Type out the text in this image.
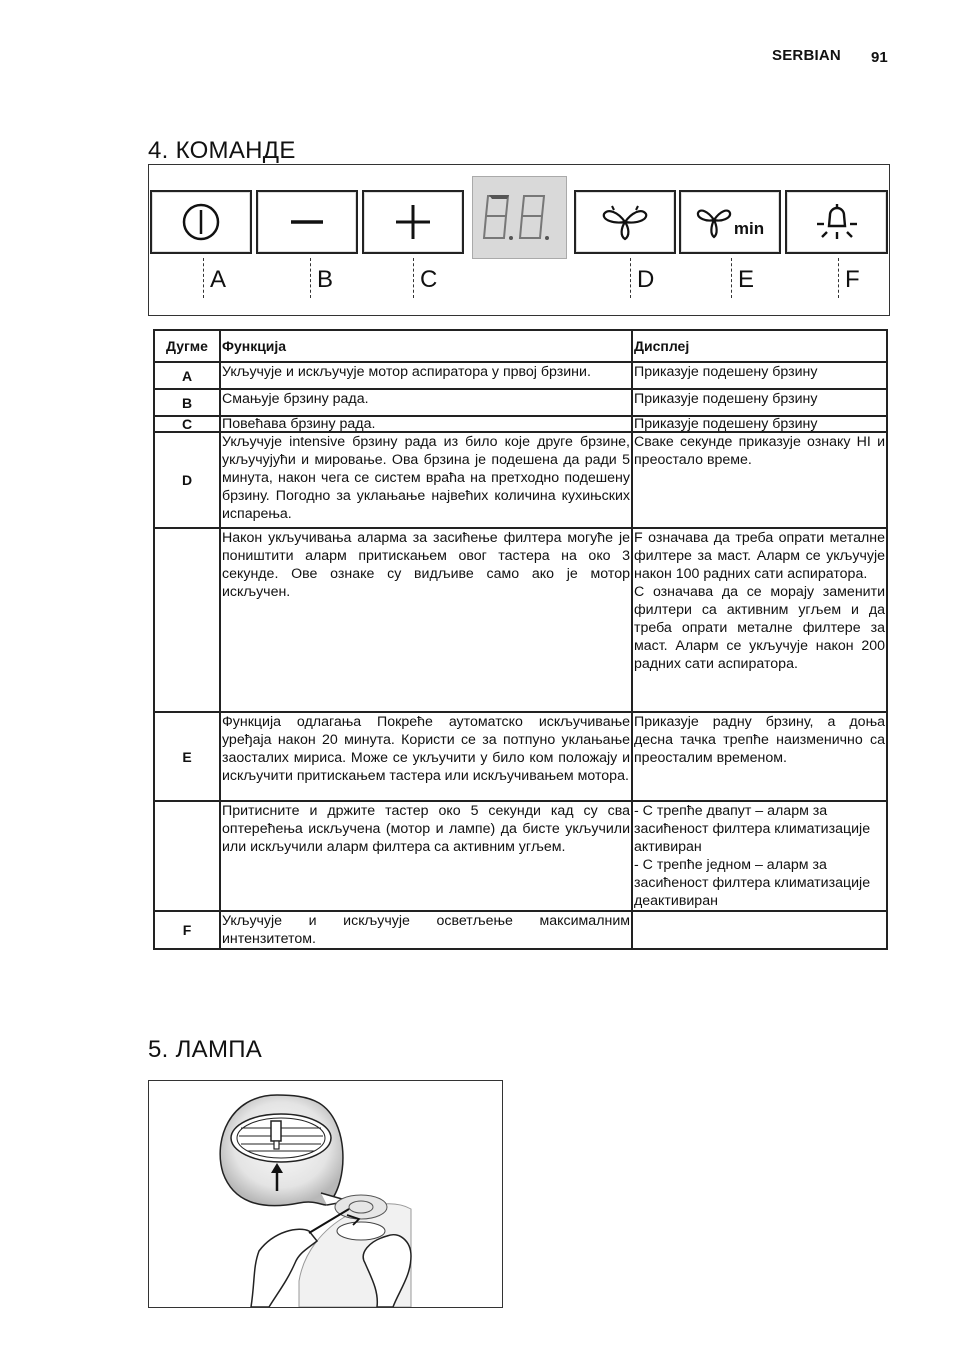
SERBIAN 91
4. КОМАНДЕ
8.8.
min
A	B	C	D	E	F
Дугме	Функција	Дисплеј
A	Укључује и искључује мотор аспиратора у првој брзини.	Приказује подешену брзину
B	Смањује брзину рада.	Приказује подешену брзину
C	Повећава брзину рада.	Приказује подешену брзину
D	Укључује intensive брзину рада из било које друге брзине, укључујући и мировање. Ова брзина је подешена да ради 5 минута, након чега се систем враћа на претходно подешену брзину. Погодно за уклањање највећих количина кухињских испарења.	Сваке секунде приказује ознаку HI и преостало време.
	Након укључивања аларма за засићење филтера могуће је поништити аларм притискањем овог тастера на око 3 секунде. Ове ознаке су видљиве само ако је мотор искључен.	F означава да треба опрати металне филтере за маст. Аларм се укључује након 100 радних сати аспиратора.
C означава да се морају заменити филтери са активним угљем и да треба опрати металне филтере за маст. Аларм се укључује након 200 радних сати аспиратора.
E	Функција одлагања Покреће аутоматско искључивање уређаја након 20 минута. Користи се за потпуно уклањање заосталих мириса. Може се укључити у било ком положају и искључити притискањем тастера или искључивањем мотора.	Приказује радну брзину, а доња десна тачка трепће наизменично са преосталим временом.
	Притисните и држите тастер око 5 секунди кад су сва оптерећења искључена (мотор и лампе) да бисте укључили или искључили аларм филтера са активним угљем.	- C трепће двапут – аларм за засићеност филтера климатизације активиран
- C трепће једном – аларм за засићеност филтера климатизације деактивиран
F	Укључује и искључује осветљење максималним интензитетом.	
5. ЛАМПА
